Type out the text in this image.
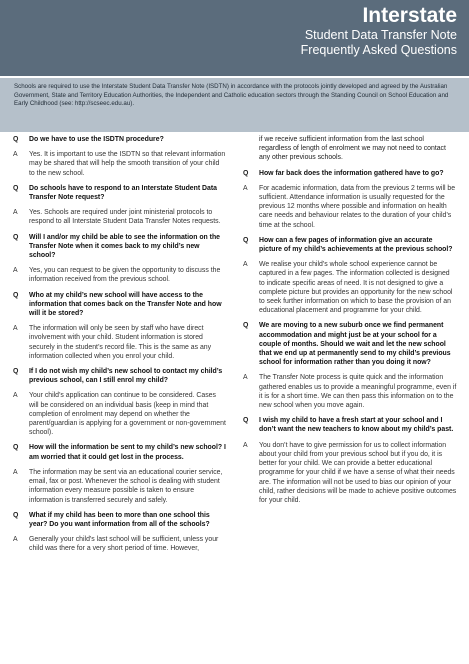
Interstate
Student Data Transfer Note
Frequently Asked Questions
Schools are required to use the Interstate Student Data Transfer Note (ISDTN) in accordance with the protocols jointly developed and agreed by the Australian Government, State and Territory Education Authorities, the Independent and Catholic education sectors through the Standing Council on School Education and Early Childhood (see: http://scseec.edu.au).
Q	Do we have to use the ISDTN procedure?
A	Yes. It is important to use the ISDTN so that relevant information may be shared that will help the smooth transition of your child to the new school.
Q	Do schools have to respond to an Interstate Student Data Transfer Note request?
A	Yes. Schools are required under joint ministerial protocols to respond to all Interstate Student Data Transfer Notes requests.
Q	Will I and/or my child be able to see the information on the Transfer Note when it comes back to my child’s new school?
A	Yes, you can request to be given the opportunity to discuss the information received from the previous school.
Q	Who at my child’s new school will have access to the information that comes back on the Transfer Note and how will it be stored?
A	The information will only be seen by staff who have direct involvement with your child. Student information is stored securely in the student’s record file. This is the same as any information collected when you enrol your child.
Q	If I do not wish my child’s new school to contact my child’s previous school, can I still enrol my child?
A	Your child’s application can continue to be considered. Cases will be considered on an individual basis (keep in mind that completion of enrolment may depend on whether the parent/guardian is applying for a government or non-government school).
Q	How will the information be sent to my child’s new school? I am worried that it could get lost in the process.
A	The information may be sent via an educational courier service, email, fax or post. Whenever the school is dealing with student information every measure possible is taken to ensure information is transferred securely and safely.
Q	What if my child has been to more than one school this year? Do you want information from all of the schools?
A	Generally your child’s last school will be sufficient, unless your child was there for a very short period of time. However,
if we receive sufficient information from the last school regardless of length of enrolment we may not need to contact any other previous schools.
Q	How far back does the information gathered have to go?
A	For academic information, data from the previous 2 terms will be sufficient. Attendance information is usually requested for the previous 12 months where possible and information on health care needs and behaviour relates to the duration of your child’s time at the school.
Q	How can a few pages of information give an accurate picture of my child’s achievements at the previous school?
A	We realise your child’s whole school experience cannot be captured in a few pages. The information collected is designed to indicate specific areas of need. It is not designed to give a complete picture but provides an opportunity for the new school to seek further information on which to base the provision of an educational placement and programme for your child.
Q	We are moving to a new suburb once we find permanent accommodation and might just be at your school for a couple of months. Should we wait and let the new school that we end up at permanently send to my child’s previous school for information rather than you doing it now?
A	The Transfer Note process is quite quick and the information gathered enables us to provide a meaningful programme, even if it is for a short time. We can then pass this information on to the new school when you move again.
Q	I wish my child to have a fresh start at your school and I don’t want the new teachers to know about my child’s past.
A	You don’t have to give permission for us to collect information about your child from your previous school but if you do, it is better for your child. We can provide a better educational programme for your child if we have a sense of what their needs are. The information will not be used to bias our opinion of your child, rather decisions will be made to achieve positive outcomes for your child.
